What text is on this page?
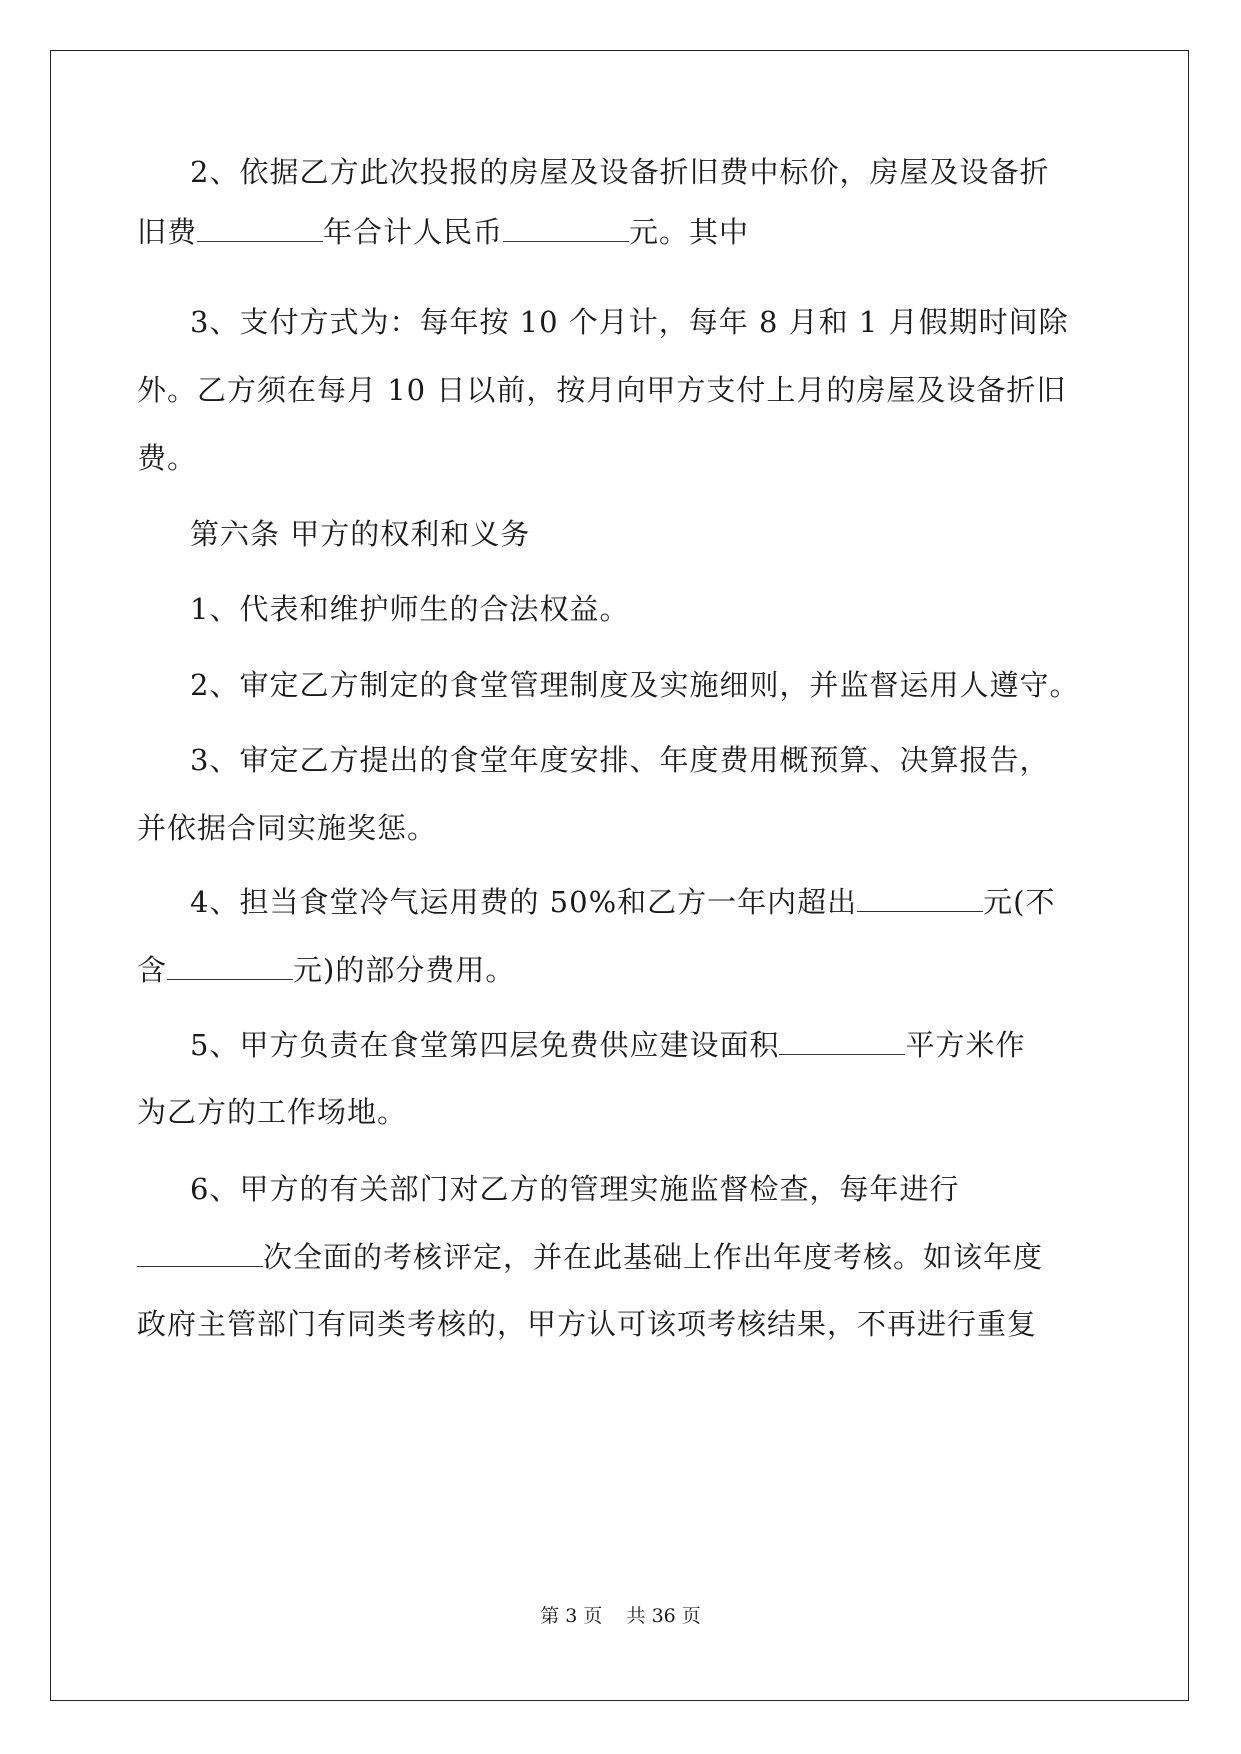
2、依据乙方此次投报的房屋及设备折旧费中标价，房屋及设备折
旧费	年合计人民币	元。其中
3、支付方式为：每年按 10 个月计，每年 8 月和 1 月假期时间除
外。乙方须在每月 10 日以前，按月向甲方支付上月的房屋及设备折旧
费。
第六条 甲方的权利和义务
1、代表和维护师生的合法权益。
2、审定乙方制定的食堂管理制度及实施细则，并监督运用人遵守。
3、审定乙方提出的食堂年度安排、年度费用概预算、决算报告，
并依据合同实施奖惩。
4、担当食堂冷气运用费的 50%和乙方一年内超出	元(不
含	元)的部分费用。
5、甲方负责在食堂第四层免费供应建设面积	平方米作
为乙方的工作场地。
6、甲方的有关部门对乙方的管理实施监督检查，每年进行
次全面的考核评定，并在此基础上作出年度考核。如该年度
政府主管部门有同类考核的，甲方认可该项考核结果，不再进行重复
第 3 页 共 36 页
